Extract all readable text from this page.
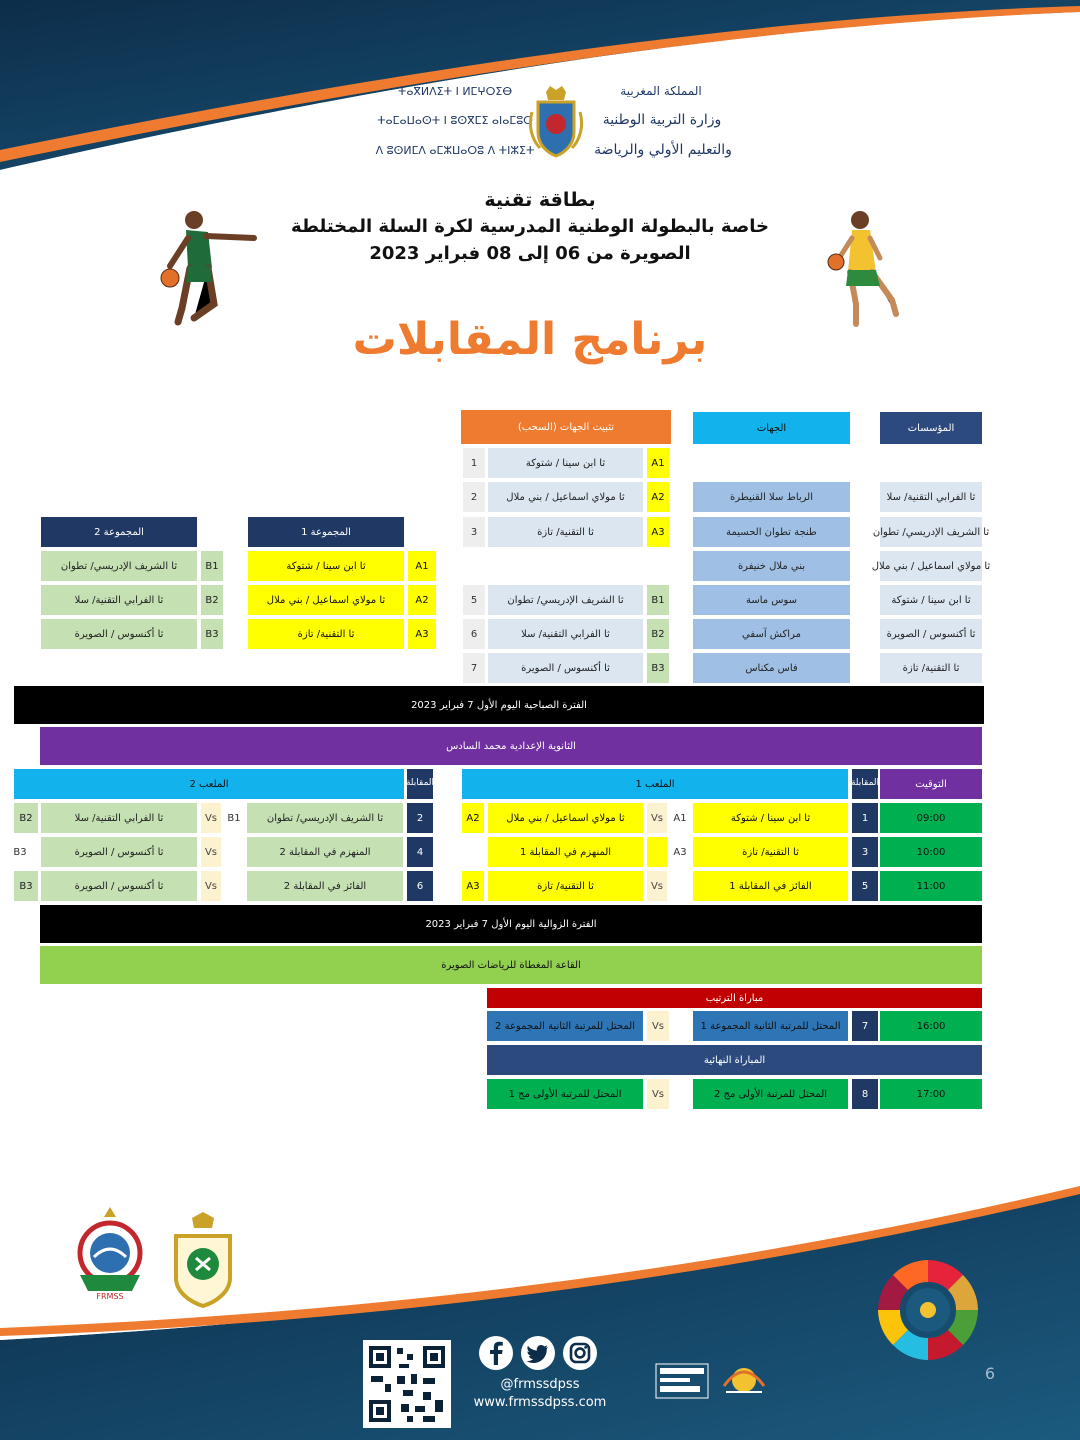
ⵜⴰⴳⵍⴷⵉⵜ ⵏ ⵍⵎⵖⵔⵉⴱ
ⵜⴰⵎⴰⵡⴰⵙⵜ ⵏ ⵓⵙⴳⵎⵉ ⴰⵏⴰⵎⵓⵔ
ⴷ ⵓⵙⵍⵎⴷ ⴰⵎⵣⵡⴰⵔⵓ ⴷ ⵜⵏⵣⵉⵜ
المملكة المغربية
وزارة التربية الوطنية
والتعليم الأولي والرياضة
بطاقة تقنية
خاصة بالبطولة الوطنية المدرسية لكرة السلة المختلطة
الصويرة من 06 إلى 08 فبراير 2023
برنامج المقابلات
تثبيت الجهات (السحب)	الجهات	المؤسسات
ثا الفرابي التقنية/ سلا
ثا الشريف الإدريسي/ تطوان
ثا مولاي اسماعيل / بني ملال
ثا ابن سينا / شتوكة
ثا أكنسوس / الصويرة
ثا التقنية/ تازة
الرباط سلا القنيطرة
طنجة تطوان الحسيمة
بني ملال خنيفرة
سوس ماسة
مراكش آسفي
فاس مكناس
A1
ثا ابن سينا / شتوكة
1
A2
ثا مولاي اسماعيل / بني ملال
2
A3
ثا التقنية/ تازة
3
B1
ثا الشريف الإدريسي/ تطوان
5
B2
ثا الفرابي التقنية/ سلا
6
B3
ثا أكنسوس / الصويرة
7
المجموعة 1
المجموعة 2
A1
ثا ابن سينا / شتوكة
A2
ثا مولاي اسماعيل / بني ملال
A3
ثا التقنية/ تازة
B1
ثا الشريف الإدريسي/ تطوان
B2
ثا الفرابي التقنية/ سلا
B3
ثا أكنسوس / الصويرة
الفترة الصباحية اليوم الأول 7 فبراير 2023
الثانوية الإعدادية محمد السادس
التوقيت
المقابلة
الملعب 1
المقابلة
الملعب 2
09:00
1
ثا ابن سينا / شتوكة
A1
Vs
ثا مولاي اسماعيل / بني ملال
A2
2
ثا الشريف الإدريسي/ تطوان
B1
Vs
ثا الفرابي التقنية/ سلا
B2
10:00
3
ثا التقنية/ تازة
A3
المنهزم في المقابلة 1
4
المنهزم في المقابلة 2
Vs
ثا أكنسوس / الصويرة
B3
11:00
5
الفائز في المقابلة 1
Vs
ثا التقنية/ تازة
A3
6
الفائز في المقابلة 2
Vs
ثا أكنسوس / الصويرة
B3
الفترة الزوالية اليوم الأول 7 فبراير 2023
القاعة المغطاة للرياضات الصويرة
مباراة الترتيب
16:00
7
المحتل للمرتبة الثانية المجموعة 1
Vs
المحتل للمرتبة الثانية المجموعة 2
المباراة النهائية
17:00
8
المحتل للمرتبة الأولى مج 2
Vs
المحتل للمرتبة الأولى مج 1
FRMSS
@frmssdpss
www.frmssdpss.com
6
